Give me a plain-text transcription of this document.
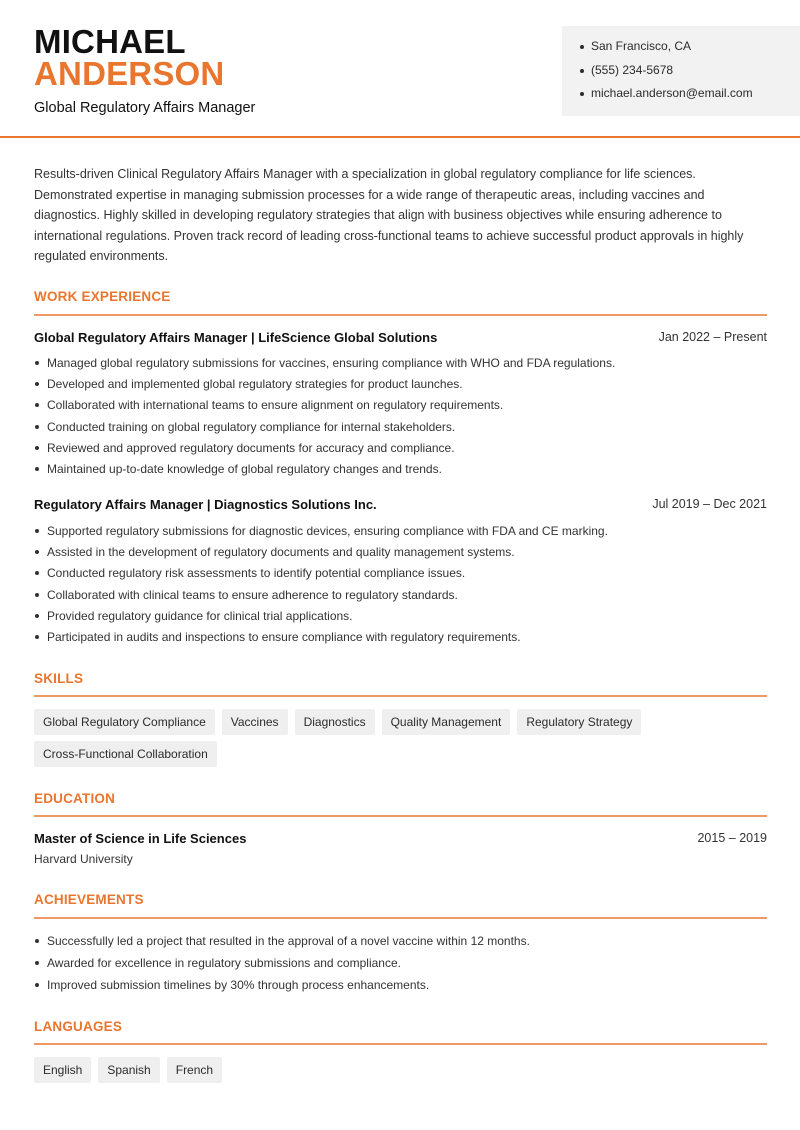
MICHAEL
ANDERSON
Global Regulatory Affairs Manager
San Francisco, CA
(555) 234-5678
michael.anderson@email.com

Results-driven Clinical Regulatory Affairs Manager with a specialization in global regulatory compliance for life sciences. Demonstrated expertise in managing submission processes for a wide range of therapeutic areas, including vaccines and diagnostics. Highly skilled in developing regulatory strategies that align with business objectives while ensuring adherence to international regulations. Proven track record of leading cross-functional teams to achieve successful product approvals in highly regulated environments.

WORK EXPERIENCE
Global Regulatory Affairs Manager | LifeScience Global Solutions	Jan 2022 – Present
Managed global regulatory submissions for vaccines, ensuring compliance with WHO and FDA regulations.
Developed and implemented global regulatory strategies for product launches.
Collaborated with international teams to ensure alignment on regulatory requirements.
Conducted training on global regulatory compliance for internal stakeholders.
Reviewed and approved regulatory documents for accuracy and compliance.
Maintained up-to-date knowledge of global regulatory changes and trends.
Regulatory Affairs Manager | Diagnostics Solutions Inc.	Jul 2019 – Dec 2021
Supported regulatory submissions for diagnostic devices, ensuring compliance with FDA and CE marking.
Assisted in the development of regulatory documents and quality management systems.
Conducted regulatory risk assessments to identify potential compliance issues.
Collaborated with clinical teams to ensure adherence to regulatory standards.
Provided regulatory guidance for clinical trial applications.
Participated in audits and inspections to ensure compliance with regulatory requirements.
SKILLS
Global Regulatory Compliance	Vaccines	Diagnostics	Quality Management	Regulatory Strategy
Cross-Functional Collaboration
EDUCATION
Master of Science in Life Sciences	2015 – 2019
Harvard University
ACHIEVEMENTS
Successfully led a project that resulted in the approval of a novel vaccine within 12 months.
Awarded for excellence in regulatory submissions and compliance.
Improved submission timelines by 30% through process enhancements.
LANGUAGES
English	Spanish	French
